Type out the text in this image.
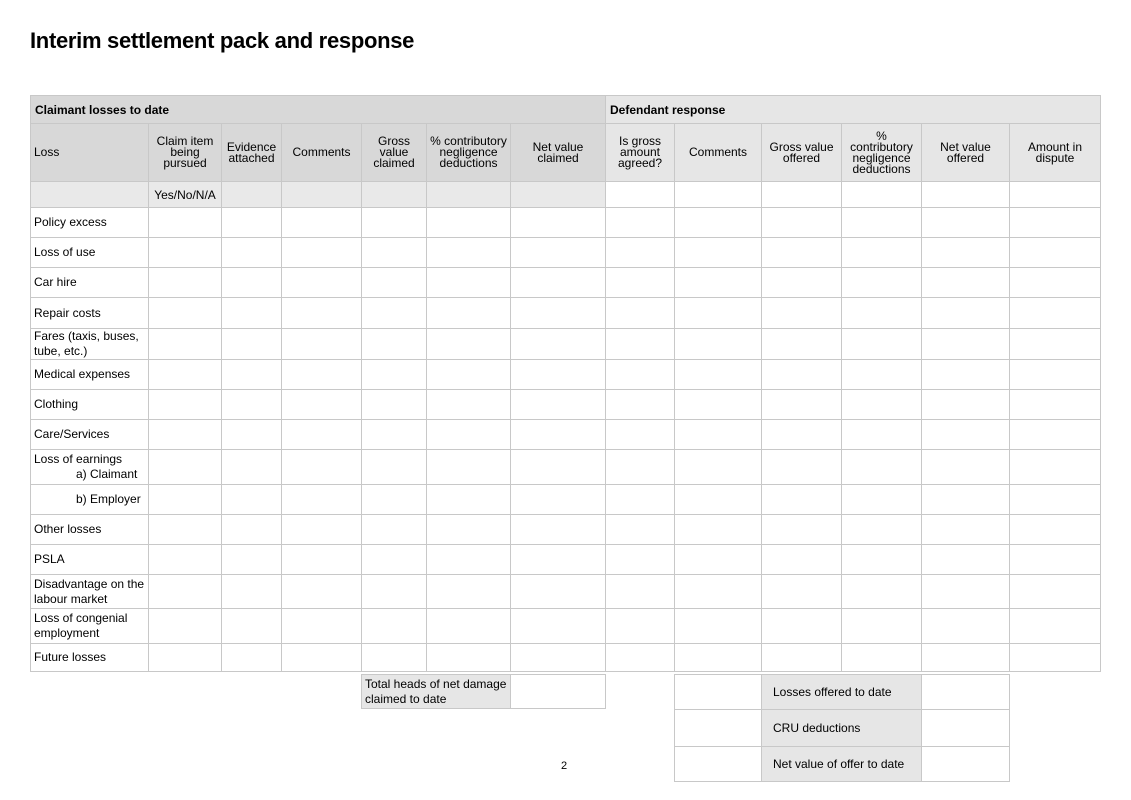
Interim settlement pack and response
Claimant losses to date							Defendant response					
Loss	Claim item being pursued	Evidence attached	Comments	Gross value claimed	% contributory negligence deductions	Net value claimed	Is gross amount agreed?	Comments	Gross value offered	% contributory negligence deductions	Net value offered	Amount in dispute
	Yes/No/N/A											
Policy excess												
Loss of use												
Car hire												
Repair costs												
Fares (taxis, buses, tube, etc.)												
Medical expenses												
Clothing												
Care/Services												
Loss of earnings
a) Claimant												

b) Employer												
Other losses												
PSLA												
Disadvantage on the labour market												
Loss of congenial employment												
Future losses												
Total heads of net damage claimed to date	Losses offered to date
CRU deductions
Net value of offer to date
2
